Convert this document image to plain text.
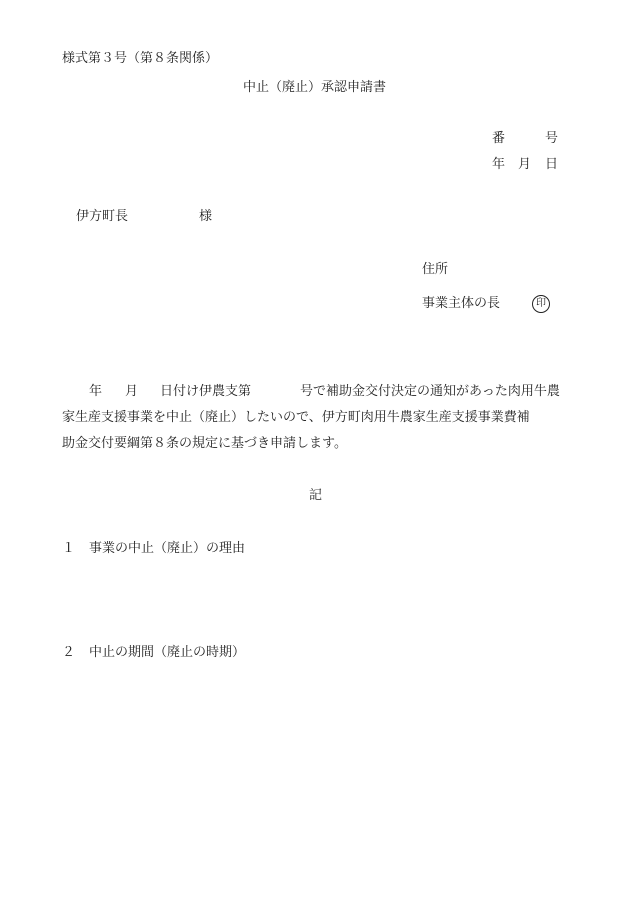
様式第３号（第８条関係）
中止（廃止）承認申請書
番	号
年 月 日
伊方町長	様
住所
事業主体の長	印
年 月 日付け伊農支第	号で補助金交付決定の通知があった肉用牛農
家生産支援事業を中止（廃止）したいので、伊方町肉用牛農家生産支援事業費補
助金交付要綱第８条の規定に基づき申請します。
記
１ 事業の中止（廃止）の理由
２ 中止の期間（廃止の時期）
